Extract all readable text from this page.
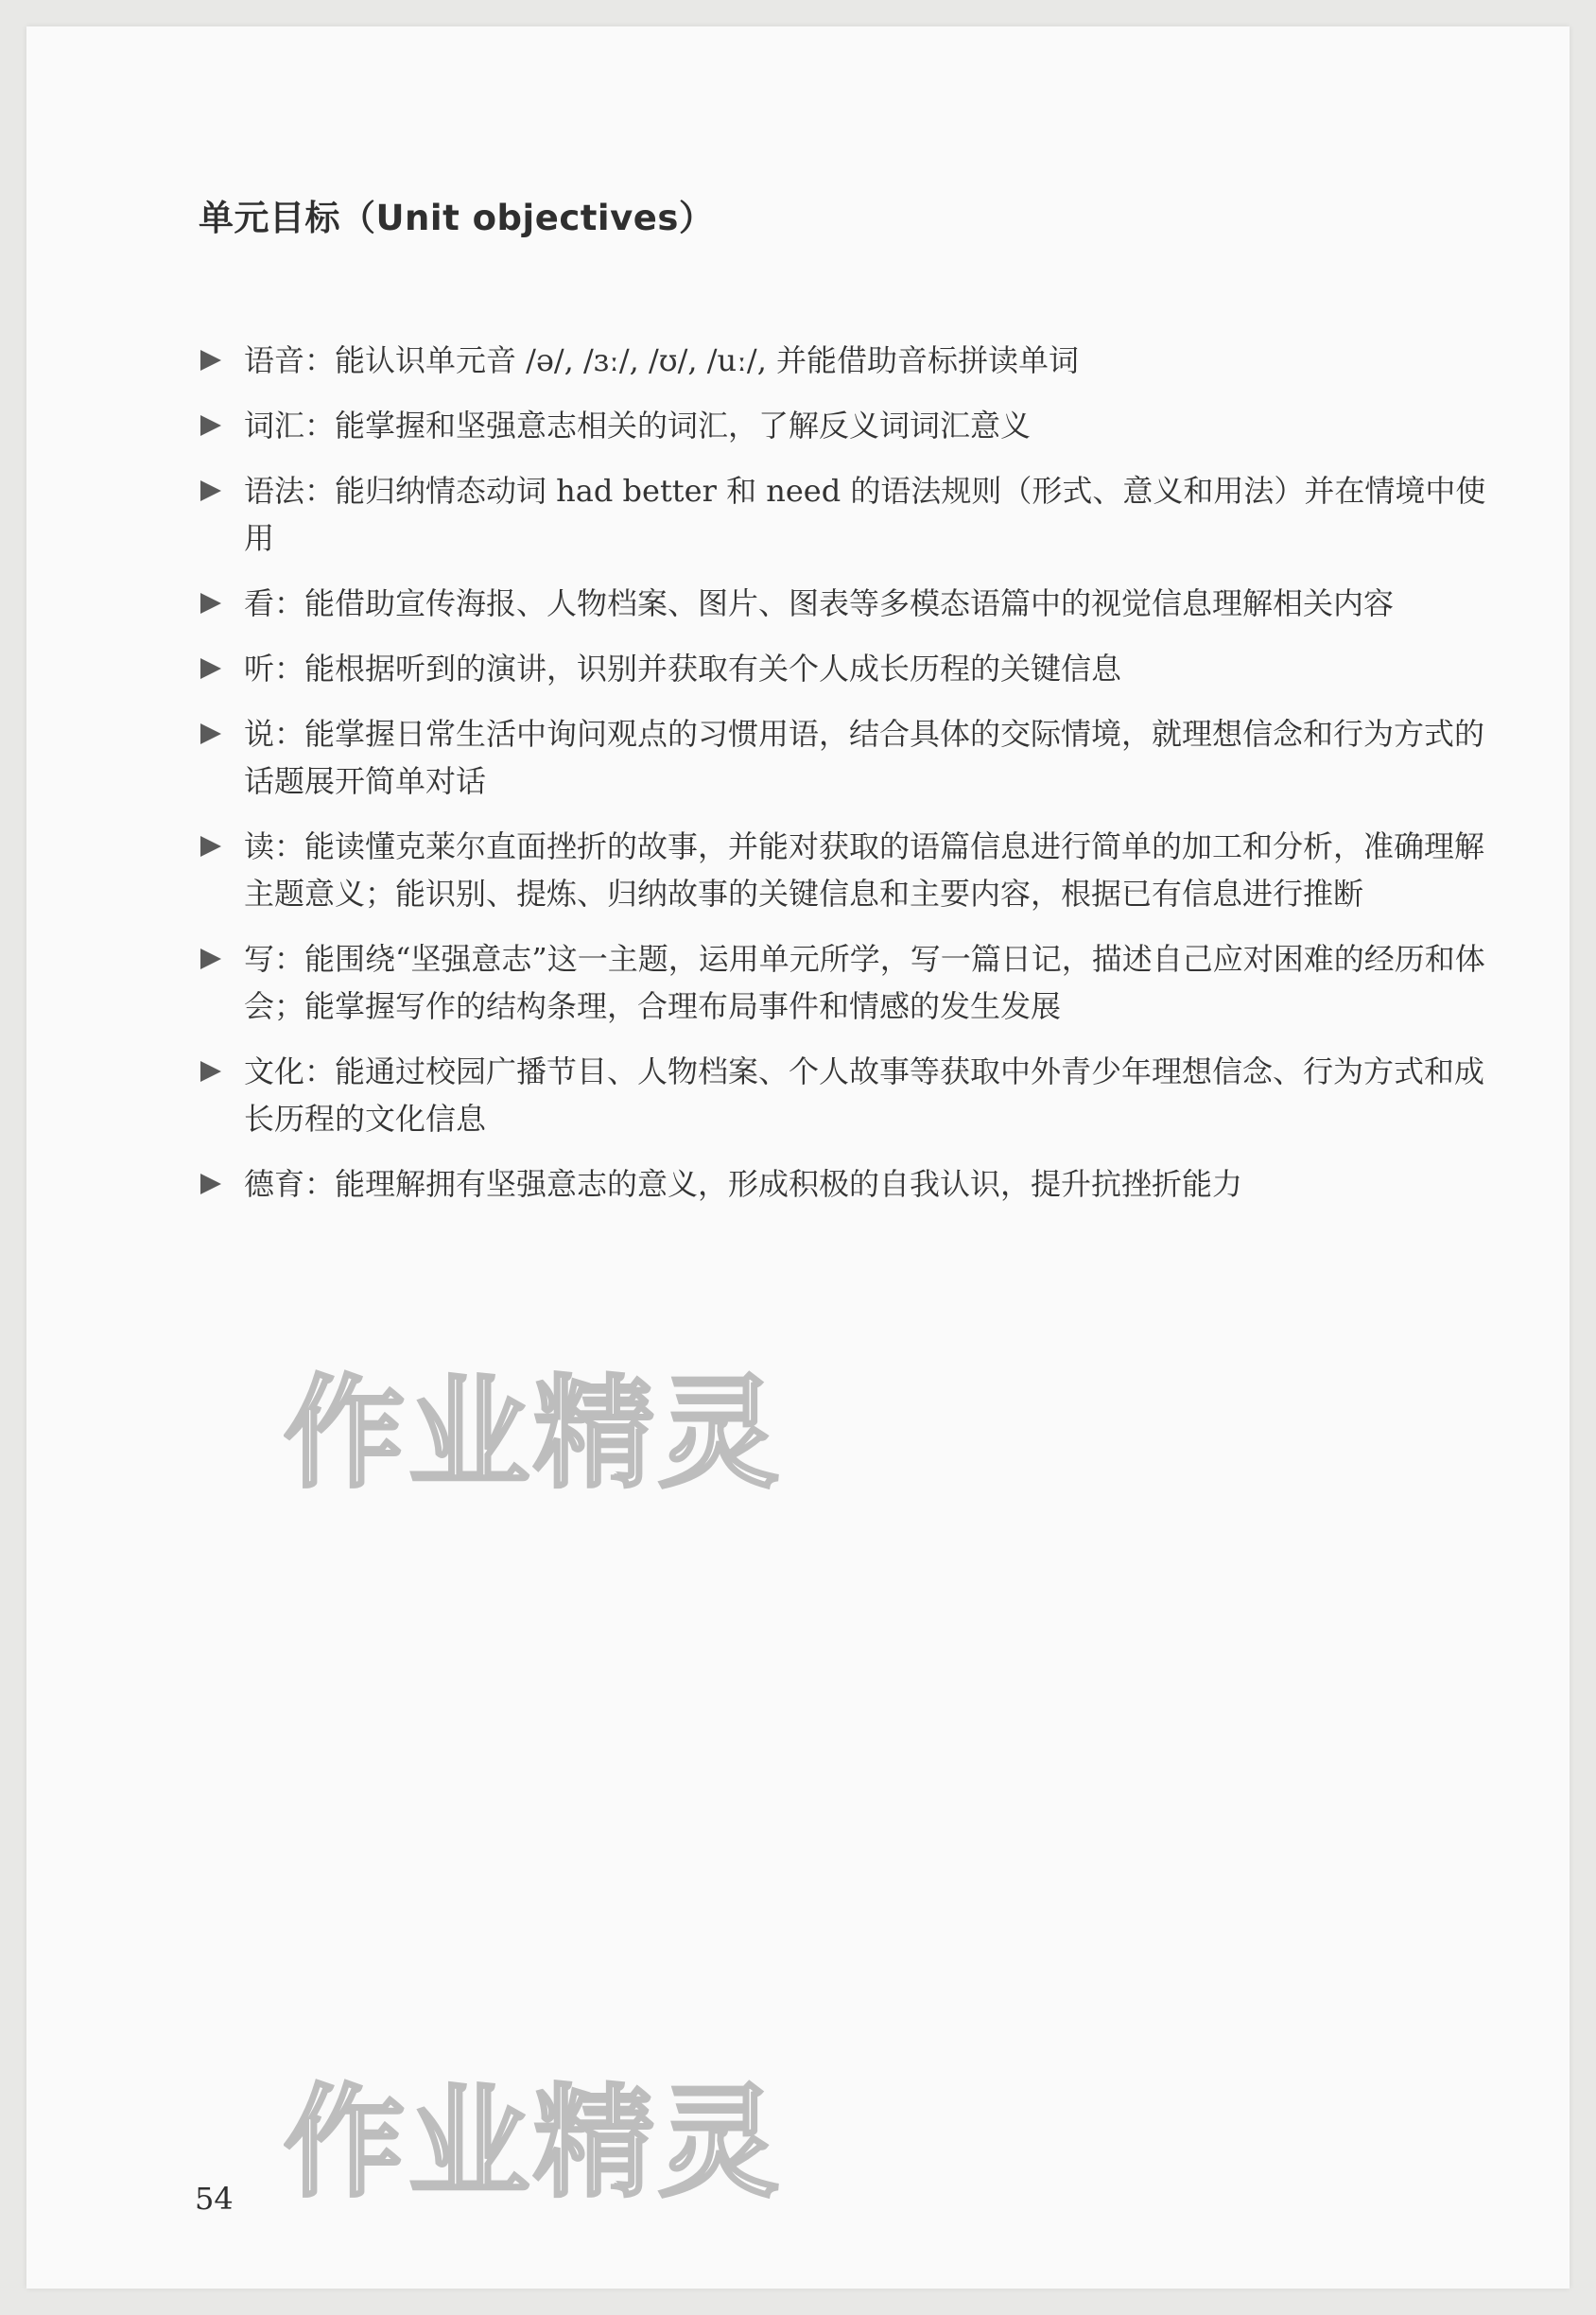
单元目标（Unit objectives）
语音：能认识单元音 /ə/, /ɜː/, /ʊ/, /uː/, 并能借助音标拼读单词
词汇：能掌握和坚强意志相关的词汇，了解反义词词汇意义
语法：能归纳情态动词 had better 和 need 的语法规则（形式、意义和用法）并在情境中使用
看：能借助宣传海报、人物档案、图片、图表等多模态语篇中的视觉信息理解相关内容
听：能根据听到的演讲，识别并获取有关个人成长历程的关键信息
说：能掌握日常生活中询问观点的习惯用语，结合具体的交际情境，就理想信念和行为方式的话题展开简单对话
读：能读懂克莱尔直面挫折的故事，并能对获取的语篇信息进行简单的加工和分析，准确理解主题意义；能识别、提炼、归纳故事的关键信息和主要内容，根据已有信息进行推断
写：能围绕“坚强意志”这一主题，运用单元所学，写一篇日记，描述自己应对困难的经历和体会；能掌握写作的结构条理，合理布局事件和情感的发生发展
文化：能通过校园广播节目、人物档案、个人故事等获取中外青少年理想信念、行为方式和成长历程的文化信息
德育：能理解拥有坚强意志的意义，形成积极的自我认识，提升抗挫折能力
作业精灵
作业精灵
54
